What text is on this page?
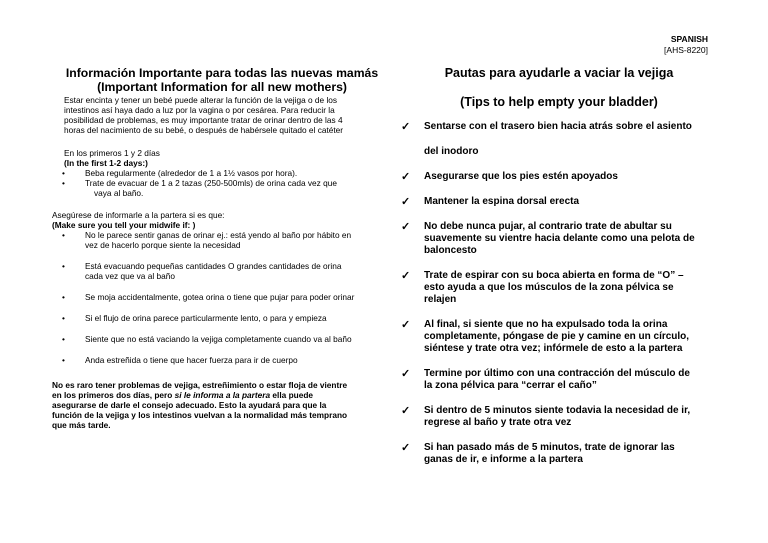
SPANISH
[AHS-8220]
Información Importante para todas las nuevas mamás
(Important Information for all new mothers)
Estar encinta y tener un bebé puede alterar la función de la vejiga o de los
intestinos así haya dado a luz por la vagina o por cesárea. Para reducir la
posibilidad de problemas, es muy importante tratar de orinar dentro de las 4
horas del nacimiento de su bebé, o después de habérsele quitado el catéter
En los primeros 1 y 2 días
(In the first 1-2 days:)
• Beba regularmente (alrededor de 1 a 1½ vasos por hora).
• Trate de evacuar de 1 a 2 tazas (250-500mls) de orina cada vez que
vaya al baño.
Asegúrese de informarle a la partera si es que:
(Make sure you tell your midwife if: )
• No le parece sentir ganas de orinar ej.: está yendo al baño por hábito en
vez de hacerlo porque siente la necesidad
• Está evacuando pequeñas cantidades O grandes cantidades de orina
cada vez que va al baño
• Se moja accidentalmente, gotea orina o tiene que pujar para poder orinar
• Si el flujo de orina parece particularmente lento, o para y empieza
• Siente que no está vaciando la vejiga completamente cuando va al baño
• Anda estreñida o tiene que hacer fuerza para ir de cuerpo
No es raro tener problemas de vejiga, estreñimiento o estar floja de vientre
en los primeros dos días, pero si le informa a la partera ella puede
asegurarse de darle el consejo adecuado. Esto la ayudará para que la
función de la vejiga y los intestinos vuelvan a la normalidad más temprano
que más tarde.
Pautas para ayudarle a vaciar la vejiga
(Tips to help empty your bladder)
✓ Sentarse con el trasero bien hacia atrás sobre el asiento
del inodoro
✓ Asegurarse que los pies estén apoyados
✓ Mantener la espina dorsal erecta
✓ No debe nunca pujar, al contrario trate de abultar su
suavemente su vientre hacia delante como una pelota de
baloncesto
✓ Trate de espirar con su boca abierta en forma de “O” –
esto ayuda a que los músculos de la zona pélvica se
relajen
✓ Al final, si siente que no ha expulsado toda la orina
completamente, póngase de pie y camine en un círculo,
siéntese y trate otra vez; infórmele de esto a la partera
✓ Termine por último con una contracción del músculo de
la zona pélvica para “cerrar el caño”
✓ Si dentro de 5 minutos siente todavia la necesidad de ir,
regrese al baño y trate otra vez
✓ Si han pasado más de 5 minutos, trate de ignorar las
ganas de ir, e informe a la partera
